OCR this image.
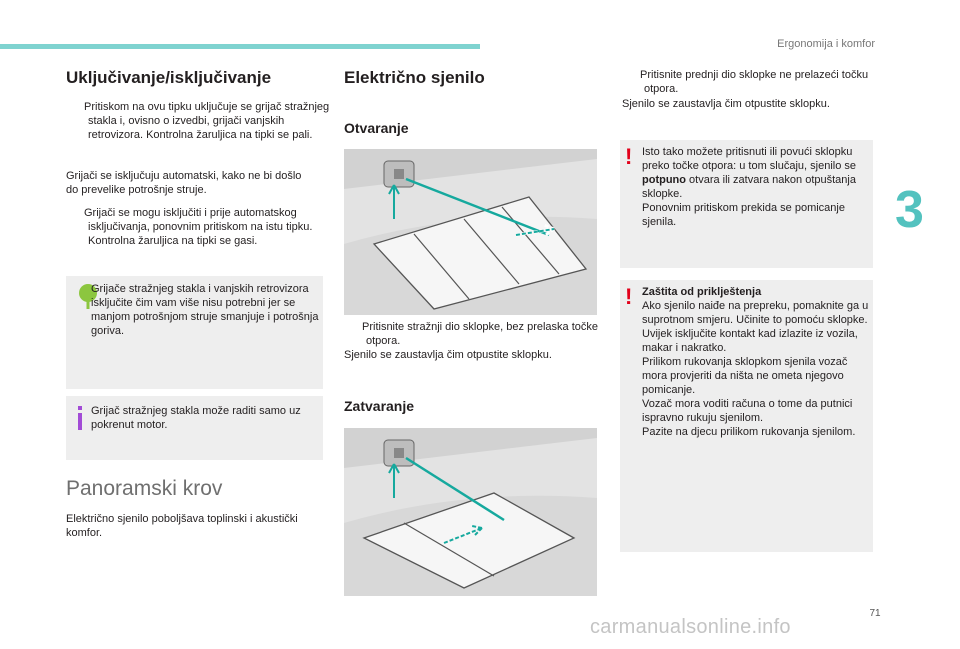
Ergonomija i komfor
3
Uključivanje/isključivanje
Pritiskom na ovu tipku uključuje se grijač stražnjeg stakla i, ovisno o izvedbi, grijači vanjskih retrovizora. Kontrolna žaruljica na tipki se pali.
Grijači se isključuju automatski, kako ne bi došlo do prevelike potrošnje struje.
Grijači se mogu isključiti i prije automatskog isključivanja, ponovnim pritiskom na istu tipku. Kontrolna žaruljica na tipki se gasi.
Grijače stražnjeg stakla i vanjskih retrovizora isključite čim vam više nisu potrebni jer se manjom potrošnjom struje smanjuje i potrošnja goriva.
Grijač stražnjeg stakla može raditi samo uz pokrenut motor.
Panoramski krov
Električno sjenilo poboljšava toplinski i akustički komfor.
Električno sjenilo
Otvaranje
Pritisnite stražnji dio sklopke, bez prelaska točke otpora.
Sjenilo se zaustavlja čim otpustite sklopku.
Zatvaranje
Pritisnite prednji dio sklopke ne prelazeći točku otpora.
Sjenilo se zaustavlja čim otpustite sklopku.
! Isto tako možete pritisnuti ili povući sklopku preko točke otpora: u tom slučaju, sjenilo se potpuno otvara ili zatvara nakon otpuštanja sklopke.
Ponovnim pritiskom prekida se pomicanje sjenila.
! Zaštita od priklještenja
Ako sjenilo naiđe na prepreku, pomaknite ga u suprotnom smjeru. Učinite to pomoću sklopke.
Uvijek isključite kontakt kad izlazite iz vozila, makar i nakratko.
Prilikom rukovanja sklopkom sjenila vozač mora provjeriti da ništa ne ometa njegovo pomicanje.
Vozač mora voditi računa o tome da putnici ispravno rukuju sjenilom.
Pazite na djecu prilikom rukovanja sjenilom.
71
carmanualsonline.info
